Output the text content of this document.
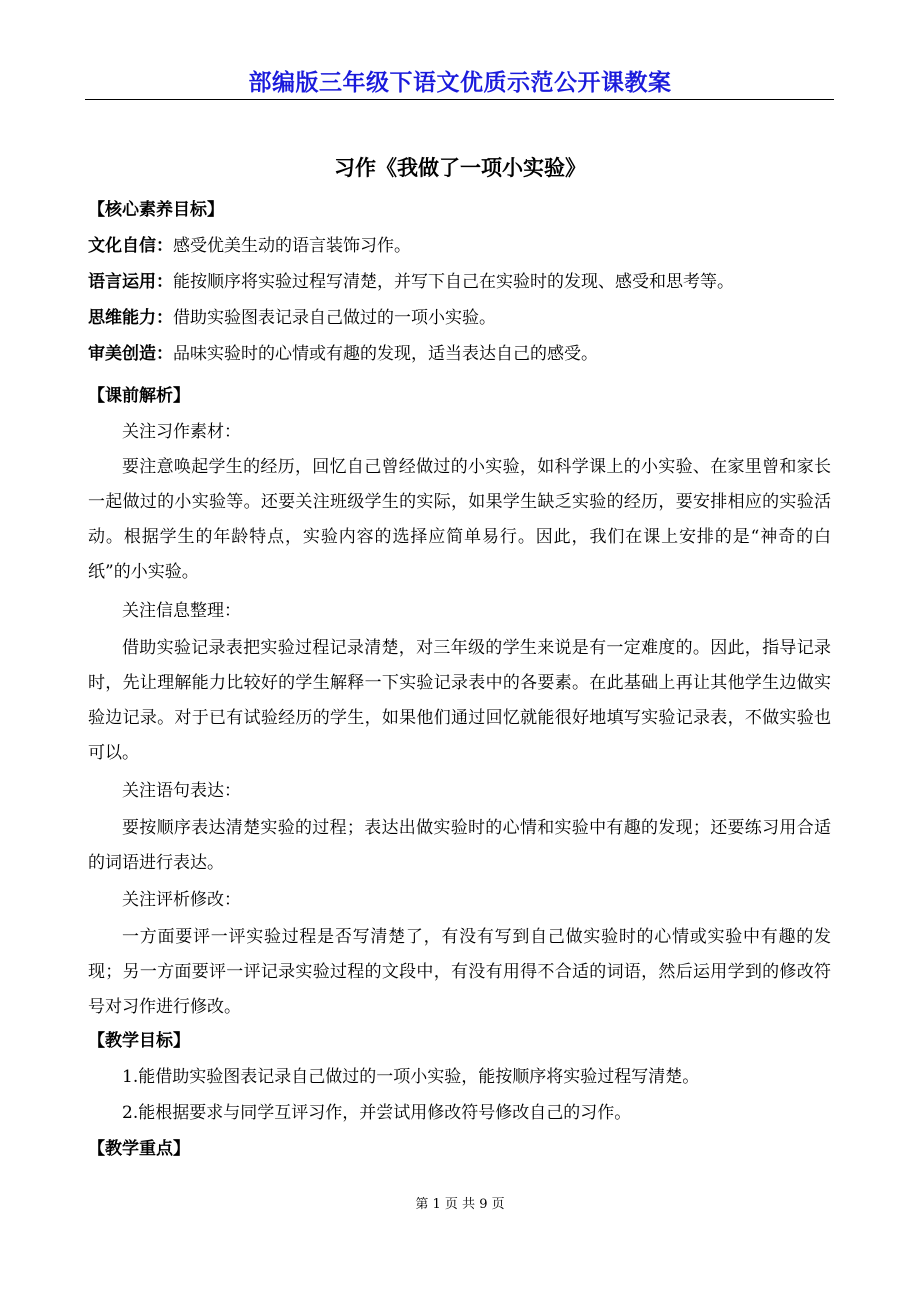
部编版三年级下语文优质示范公开课教案
习作《我做了一项小实验》
【核心素养目标】
文化自信：感受优美生动的语言装饰习作。
语言运用：能按顺序将实验过程写清楚，并写下自己在实验时的发现、感受和思考等。
思维能力：借助实验图表记录自己做过的一项小实验。
审美创造：品味实验时的心情或有趣的发现，适当表达自己的感受。
【课前解析】
关注习作素材：
要注意唤起学生的经历，回忆自己曾经做过的小实验，如科学课上的小实验、在家里曾和家长一起做过的小实验等。还要关注班级学生的实际，如果学生缺乏实验的经历，要安排相应的实验活动。根据学生的年龄特点，实验内容的选择应简单易行。因此，我们在课上安排的是“神奇的白纸”的小实验。
关注信息整理：
借助实验记录表把实验过程记录清楚，对三年级的学生来说是有一定难度的。因此，指导记录时，先让理解能力比较好的学生解释一下实验记录表中的各要素。在此基础上再让其他学生边做实验边记录。对于已有试验经历的学生，如果他们通过回忆就能很好地填写实验记录表，不做实验也可以。
关注语句表达：
要按顺序表达清楚实验的过程；表达出做实验时的心情和实验中有趣的发现；还要练习用合适的词语进行表达。
关注评析修改：
一方面要评一评实验过程是否写清楚了，有没有写到自己做实验时的心情或实验中有趣的发现；另一方面要评一评记录实验过程的文段中，有没有用得不合适的词语，然后运用学到的修改符号对习作进行修改。
【教学目标】
1.能借助实验图表记录自己做过的一项小实验，能按顺序将实验过程写清楚。
2.能根据要求与同学互评习作，并尝试用修改符号修改自己的习作。
【教学重点】
第 1 页 共 9 页
